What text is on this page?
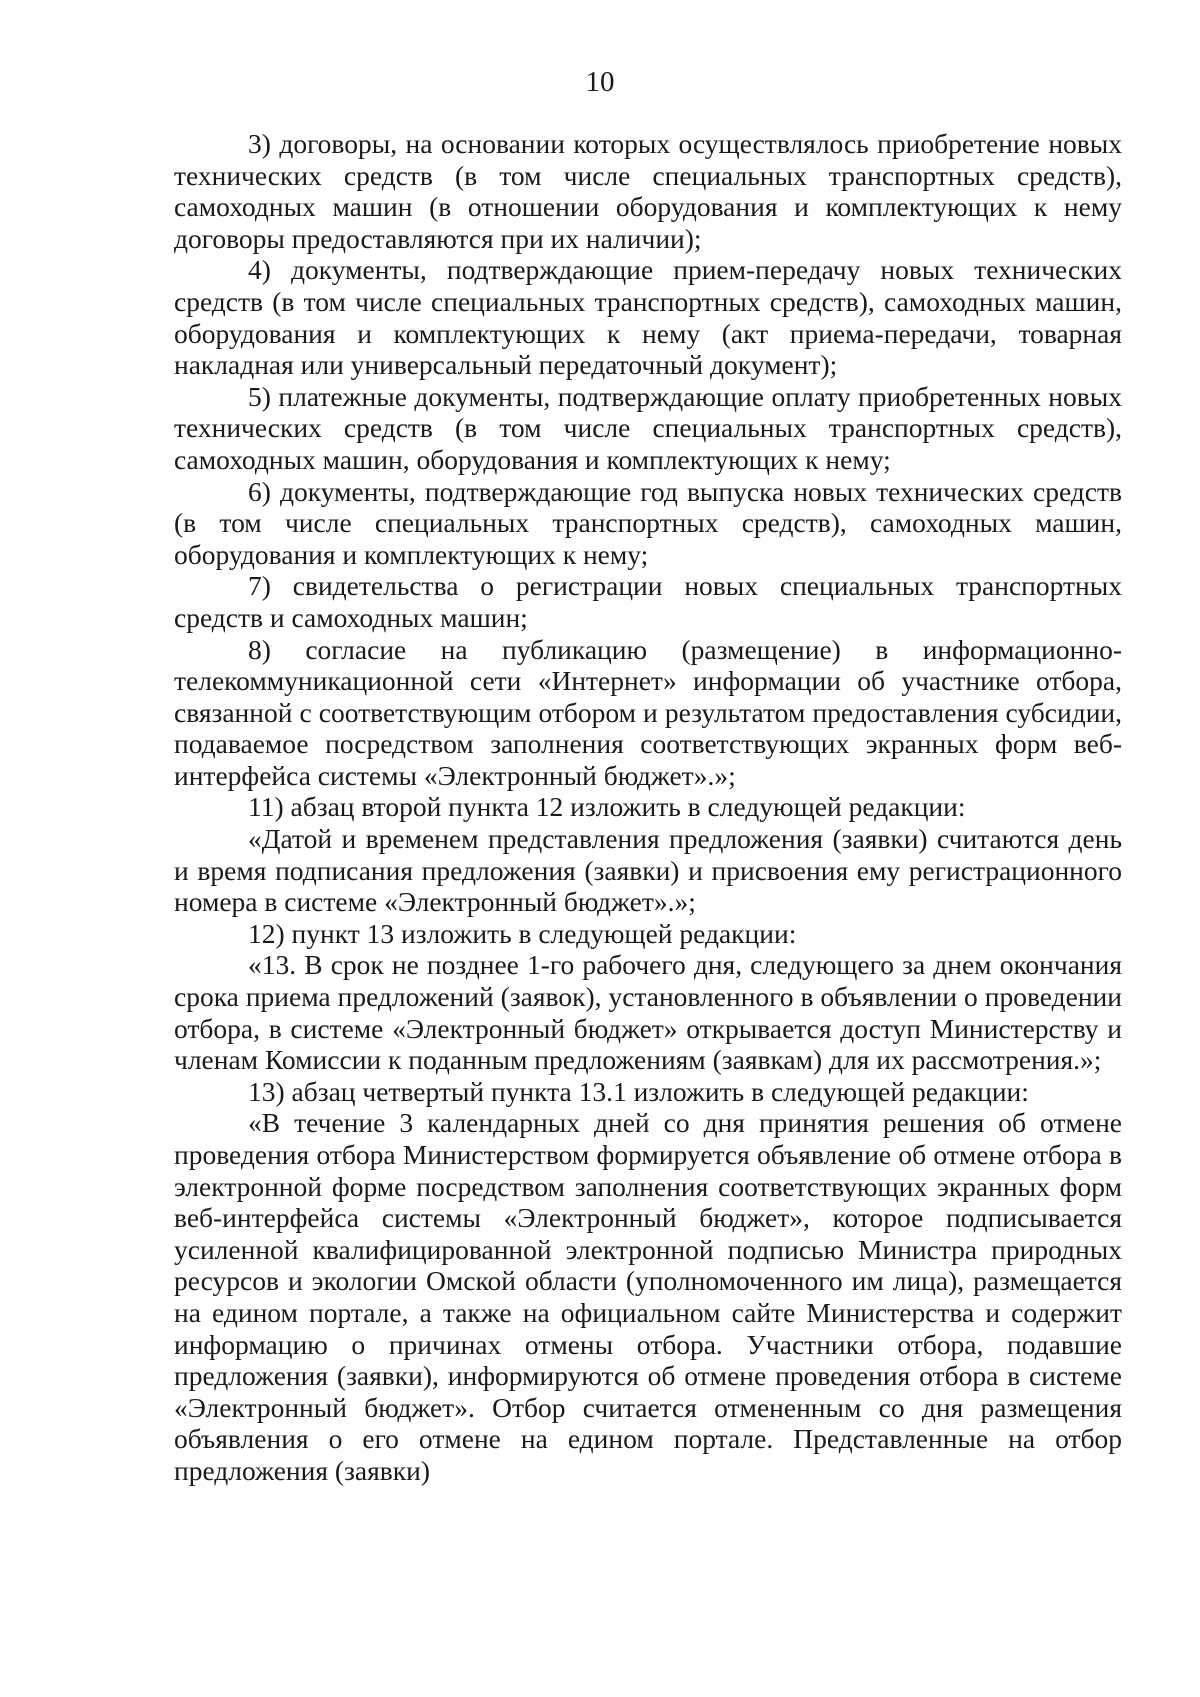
10

3) договоры, на основании которых осуществлялось приобретение новых технических средств (в том числе специальных транспортных средств), самоходных машин (в отношении оборудования и комплектующих к нему договоры предоставляются при их наличии);

4) документы, подтверждающие прием-передачу новых технических средств (в том числе специальных транспортных средств), самоходных машин, оборудования и комплектующих к нему (акт приема-передачи, товарная накладная или универсальный передаточный документ);

5) платежные документы, подтверждающие оплату приобретенных новых технических средств (в том числе специальных транспортных средств), самоходных машин, оборудования и комплектующих к нему;

6) документы, подтверждающие год выпуска новых технических средств (в том числе специальных транспортных средств), самоходных машин, оборудования и комплектующих к нему;

7) свидетельства о регистрации новых специальных транспортных средств и самоходных машин;

8) согласие на публикацию (размещение) в информационно-телекоммуникационной сети «Интернет» информации об участнике отбора, связанной с соответствующим отбором и результатом предоставления субсидии, подаваемое посредством заполнения соответствующих экранных форм веб-интерфейса системы «Электронный бюджет».»;

11) абзац второй пункта 12 изложить в следующей редакции:

«Датой и временем представления предложения (заявки) считаются день и время подписания предложения (заявки) и присвоения ему регистрационного номера в системе «Электронный бюджет».»;

12) пункт 13 изложить в следующей редакции:

«13. В срок не позднее 1-го рабочего дня, следующего за днем окончания срока приема предложений (заявок), установленного в объявлении о проведении отбора, в системе «Электронный бюджет» открывается доступ Министерству и членам Комиссии к поданным предложениям (заявкам) для их рассмотрения.»;

13) абзац четвертый пункта 13.1 изложить в следующей редакции:

«В течение 3 календарных дней со дня принятия решения об отмене проведения отбора Министерством формируется объявление об отмене отбора в электронной форме посредством заполнения соответствующих экранных форм веб-интерфейса системы «Электронный бюджет», которое подписывается усиленной квалифицированной электронной подписью Министра природных ресурсов и экологии Омской области (уполномоченного им лица), размещается на едином портале, а также на официальном сайте Министерства и содержит информацию о причинах отмены отбора. Участники отбора, подавшие предложения (заявки), информируются об отмене проведения отбора в системе «Электронный бюджет». Отбор считается отмененным со дня размещения объявления о его отмене на едином портале. Представленные на отбор предложения (заявки)
